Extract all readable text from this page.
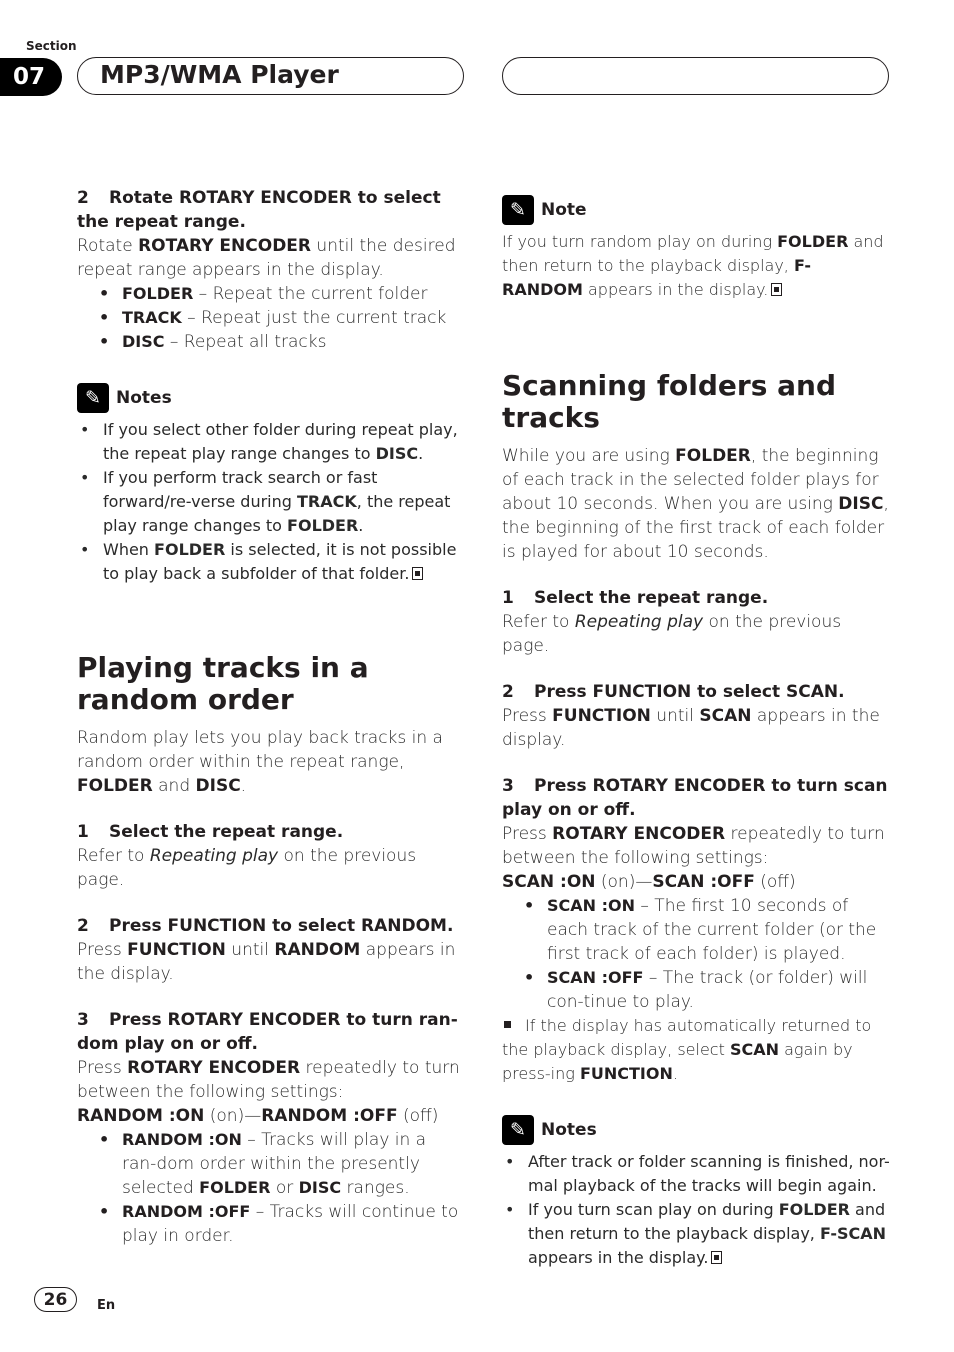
Section
07	MP3/WMA Player
2 Rotate ROTARY ENCODER to select the repeat range.
Rotate ROTARY ENCODER until the desired repeat range appears in the display.
• FOLDER – Repeat the current folder
• TRACK – Repeat just the current track
• DISC – Repeat all tracks
✎ Notes
• If you select other folder during repeat play, the repeat play range changes to DISC.
• If you perform track search or fast forward/re-verse during TRACK, the repeat play range changes to FOLDER.
• When FOLDER is selected, it is not possible to play back a subfolder of that folder.
Playing tracks in a random order
Random play lets you play back tracks in a random order within the repeat range, FOLDER and DISC.
1 Select the repeat range.
Refer to Repeating play on the previous page.
2 Press FUNCTION to select RANDOM.
Press FUNCTION until RANDOM appears in the display.
3 Press ROTARY ENCODER to turn ran-dom play on or off.
Press ROTARY ENCODER repeatedly to turn between the following settings:
RANDOM :ON (on)—RANDOM :OFF (off)
• RANDOM :ON – Tracks will play in a ran-dom order within the presently selected FOLDER or DISC ranges.
• RANDOM :OFF – Tracks will continue to play in order.
✎ Note
If you turn random play on during FOLDER and then return to the playback display, F-RANDOM appears in the display.
Scanning folders and tracks
While you are using FOLDER, the beginning of each track in the selected folder plays for about 10 seconds. When you are using DISC, the beginning of the first track of each folder is played for about 10 seconds.
1 Select the repeat range.
Refer to Repeating play on the previous page.
2 Press FUNCTION to select SCAN.
Press FUNCTION until SCAN appears in the display.
3 Press ROTARY ENCODER to turn scan play on or off.
Press ROTARY ENCODER repeatedly to turn between the following settings:
SCAN :ON (on)—SCAN :OFF (off)
• SCAN :ON – The first 10 seconds of each track of the current folder (or the first track of each folder) is played.
• SCAN :OFF – The track (or folder) will con-tinue to play.
If the display has automatically returned to the playback display, select SCAN again by press-ing FUNCTION.
✎ Notes
• After track or folder scanning is finished, nor-mal playback of the tracks will begin again.
• If you turn scan play on during FOLDER and then return to the playback display, F-SCAN appears in the display.
26	En
